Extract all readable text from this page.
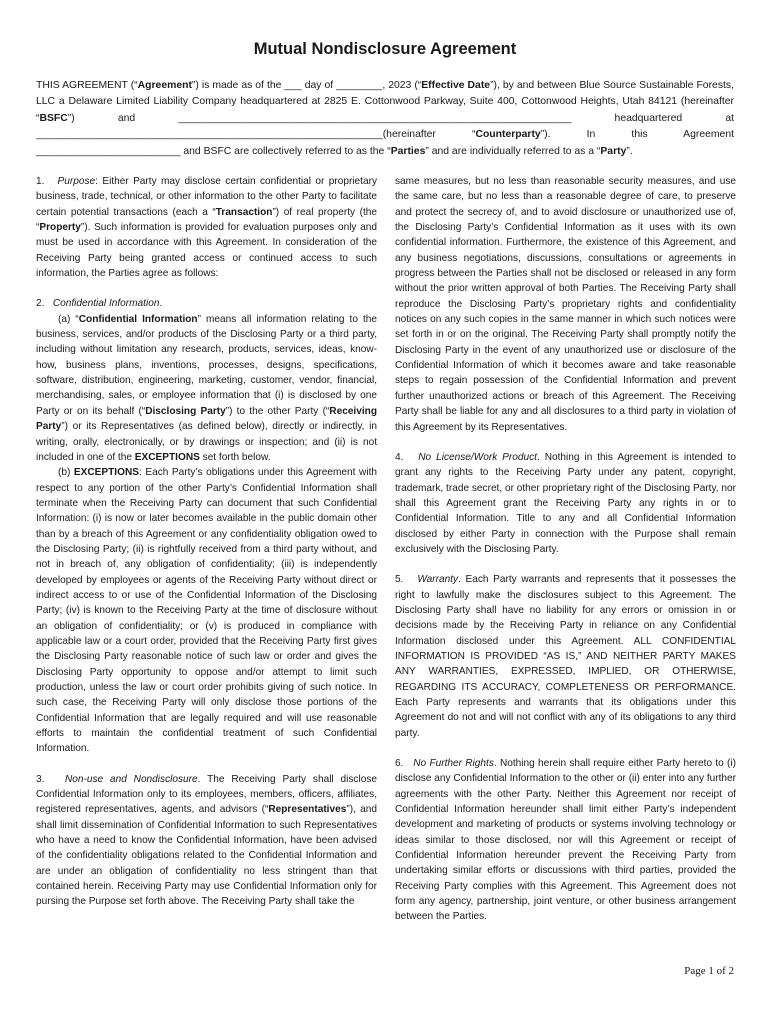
Mutual Nondisclosure Agreement
THIS AGREEMENT (“Agreement”) is made as of the ___ day of ________, 2023 (“Effective Date”), by and between Blue Source Sustainable Forests, LLC a Delaware Limited Liability Company headquartered at 2825 E. Cottonwood Parkway, Suite 400, Cottonwood Heights, Utah 84121 (hereinafter “BSFC”) and ____________________________________________________________________ headquartered at ____________________________________________________________(hereinafter “Counterparty”). In this Agreement _________________________ and BSFC are collectively referred to as the “Parties” and are individually referred to as a “Party”.

1. Purpose: Either Party may disclose certain confidential or proprietary business, trade, technical, or other information to the other Party to facilitate certain potential transactions (each a “Transaction”) of real property (the “Property”). Such information is provided for evaluation purposes only and must be used in accordance with this Agreement. In consideration of the Receiving Party being granted access or continued access to such information, the Parties agree as follows:

2. Confidential Information.

(a) “Confidential Information” means all information relating to the business, services, and/or products of the Disclosing Party or a third party, including without limitation any research, products, services, ideas, know-how, business plans, inventions, processes, designs, specifications, software, distribution, engineering, marketing, customer, vendor, financial, merchandising, sales, or employee information that (i) is disclosed by one Party or on its behalf (“Disclosing Party”) to the other Party (“Receiving Party”) or its Representatives (as defined below), directly or indirectly, in writing, orally, electronically, or by drawings or inspection; and (ii) is not included in one of the EXCEPTIONS set forth below.

(b) EXCEPTIONS: Each Party’s obligations under this Agreement with respect to any portion of the other Party’s Confidential Information shall terminate when the Receiving Party can document that such Confidential Information: (i) is now or later becomes available in the public domain other than by a breach of this Agreement or any confidentiality obligation owed to the Disclosing Party; (ii) is rightfully received from a third party without, and not in breach of, any obligation of confidentiality; (iii) is independently developed by employees or agents of the Receiving Party without direct or indirect access to or use of the Confidential Information of the Disclosing Party; (iv) is known to the Receiving Party at the time of disclosure without an obligation of confidentiality; or (v) is produced in compliance with applicable law or a court order, provided that the Receiving Party first gives the Disclosing Party reasonable notice of such law or order and gives the Disclosing Party opportunity to oppose and/or attempt to limit such production, unless the law or court order prohibits giving of such notice. In such case, the Receiving Party will only disclose those portions of the Confidential Information that are legally required and will use reasonable efforts to maintain the confidential treatment of such Confidential Information.

3. Non-use and Nondisclosure. The Receiving Party shall disclose Confidential Information only to its employees, members, officers, affiliates, registered representatives, agents, and advisors (“Representatives”), and shall limit dissemination of Confidential Information to such Representatives who have a need to know the Confidential Information, have been advised of the confidentiality obligations related to the Confidential Information and are under an obligation of confidentiality no less stringent than that contained herein. Receiving Party may use Confidential Information only for pursing the Purpose set forth above. The Receiving Party shall take the

same measures, but no less than reasonable security measures, and use the same care, but no less than a reasonable degree of care, to preserve and protect the secrecy of, and to avoid disclosure or unauthorized use of, the Disclosing Party’s Confidential Information as it uses with its own confidential information. Furthermore, the existence of this Agreement, and any business negotiations, discussions, consultations or agreements in progress between the Parties shall not be disclosed or released in any form without the prior written approval of both Parties. The Receiving Party shall reproduce the Disclosing Party’s proprietary rights and confidentiality notices on any such copies in the same manner in which such notices were set forth in or on the original. The Receiving Party shall promptly notify the Disclosing Party in the event of any unauthorized use or disclosure of the Confidential Information of which it becomes aware and take reasonable steps to regain possession of the Confidential Information and prevent further unauthorized actions or breach of this Agreement. The Receiving Party shall be liable for any and all disclosures to a third party in violation of this Agreement by its Representatives.

4. No License/Work Product. Nothing in this Agreement is intended to grant any rights to the Receiving Party under any patent, copyright, trademark, trade secret, or other proprietary right of the Disclosing Party, nor shall this Agreement grant the Receiving Party any rights in or to Confidential Information. Title to any and all Confidential Information disclosed by either Party in connection with the Purpose shall remain exclusively with the Disclosing Party.

5. Warranty. Each Party warrants and represents that it possesses the right to lawfully make the disclosures subject to this Agreement. The Disclosing Party shall have no liability for any errors or omission in or decisions made by the Receiving Party in reliance on any Confidential Information disclosed under this Agreement. ALL CONFIDENTIAL INFORMATION IS PROVIDED “AS IS,” AND NEITHER PARTY MAKES ANY WARRANTIES, EXPRESSED, IMPLIED, OR OTHERWISE, REGARDING ITS ACCURACY, COMPLETENESS OR PERFORMANCE. Each Party represents and warrants that its obligations under this Agreement do not and will not conflict with any of its obligations to any third party.

6. No Further Rights. Nothing herein shall require either Party hereto to (i) disclose any Confidential Information to the other or (ii) enter into any further agreements with the other Party. Neither this Agreement nor receipt of Confidential Information hereunder shall limit either Party’s independent development and marketing of products or systems involving technology or ideas similar to those disclosed, nor will this Agreement or receipt of Confidential Information hereunder prevent the Receiving Party from undertaking similar efforts or discussions with third parties, provided the Receiving Party complies with this Agreement. This Agreement does not form any agency, partnership, joint venture, or other business arrangement between the Parties.

Page 1 of 2
